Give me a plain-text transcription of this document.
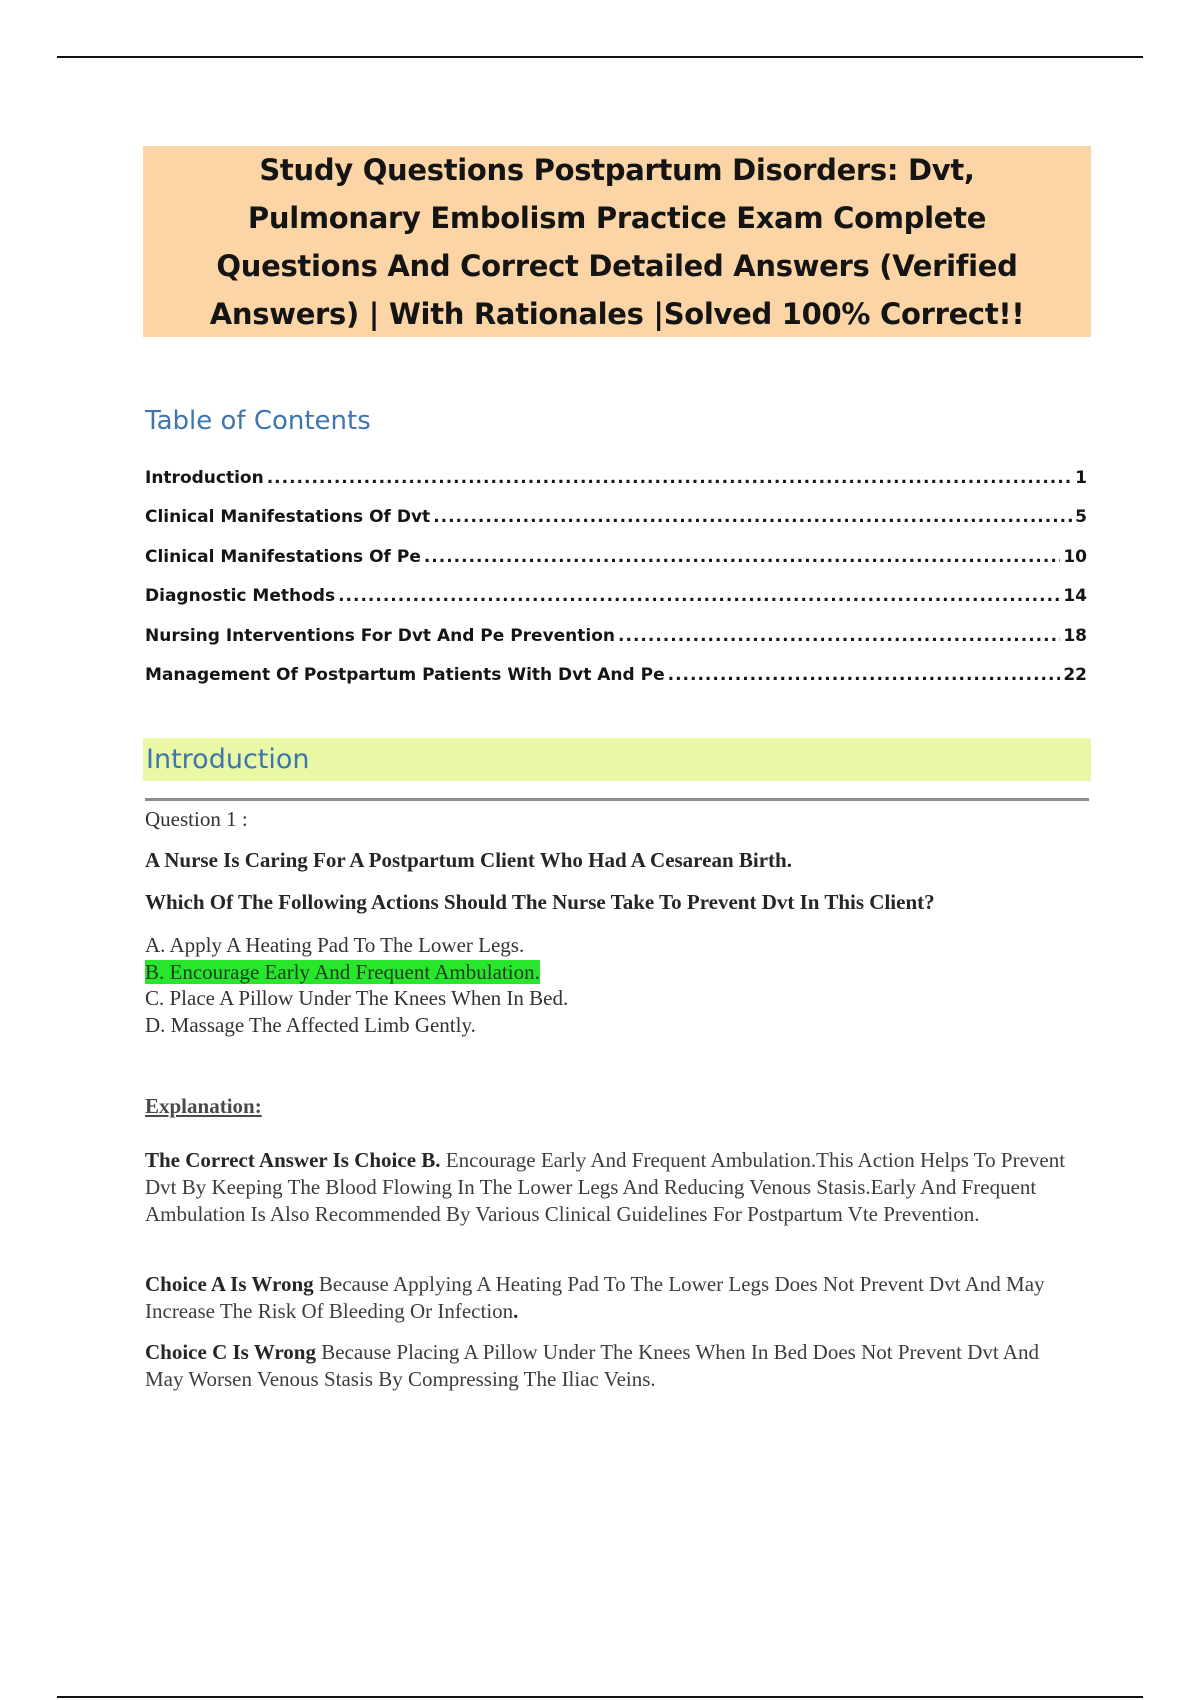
Study Questions Postpartum Disorders: Dvt, Pulmonary Embolism Practice Exam Complete Questions And Correct Detailed Answers (Verified Answers) | With Rationales |Solved 100% Correct!!
Table of Contents
Introduction .....	1
Clinical Manifestations Of Dvt .....	5
Clinical Manifestations Of Pe .....	10
Diagnostic Methods .....	14
Nursing Interventions For Dvt And Pe Prevention .....	18
Management Of Postpartum Patients With Dvt And Pe .....	22
Introduction
Question 1 :
A Nurse Is Caring For A Postpartum Client Who Had A Cesarean Birth.
Which Of The Following Actions Should The Nurse Take To Prevent Dvt In This Client?
A. Apply A Heating Pad To The Lower Legs.
B. Encourage Early And Frequent Ambulation.
C. Place A Pillow Under The Knees When In Bed.
D. Massage The Affected Limb Gently.
Explanation:
The Correct Answer Is Choice B. Encourage Early And Frequent Ambulation.This Action Helps To Prevent Dvt By Keeping The Blood Flowing In The Lower Legs And Reducing Venous Stasis.Early And Frequent Ambulation Is Also Recommended By Various Clinical Guidelines For Postpartum Vte Prevention.
Choice A Is Wrong Because Applying A Heating Pad To The Lower Legs Does Not Prevent Dvt And May Increase The Risk Of Bleeding Or Infection.
Choice C Is Wrong Because Placing A Pillow Under The Knees When In Bed Does Not Prevent Dvt And May Worsen Venous Stasis By Compressing The Iliac Veins.
